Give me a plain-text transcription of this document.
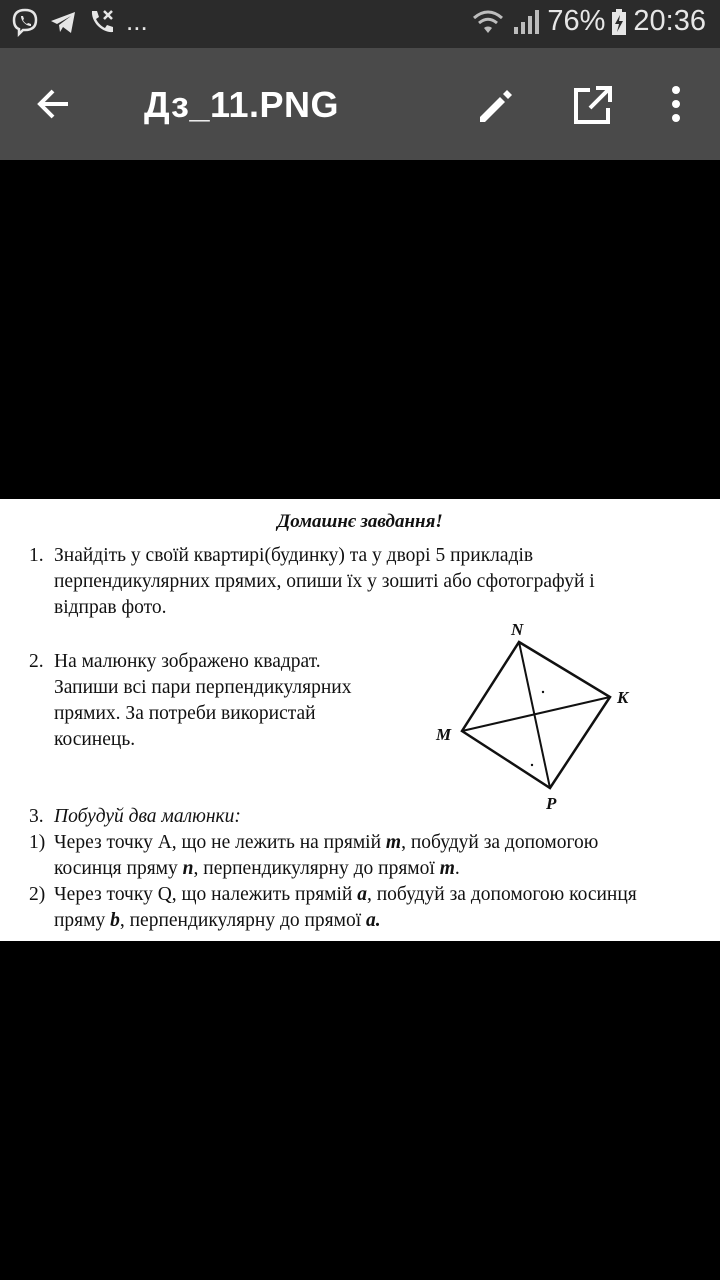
...	76% 20:36
Дз_11.PNG
Домашнє завдання!
1. Знайдіть у своїй квартирі(будинку) та у дворі 5 прикладів
перпендикулярних прямих, опиши їх у зошиті або сфотографуй і
відправ фото.
2. На малюнку зображено квадрат.
Запиши всі пари перпендикулярних
прямих. За потреби використай
косинець.
N
K
M
P
3. Побудуй два малюнки:
1) Через точку А, що не лежить на прямій m, побудуй за допомогою
косинця пряму n, перпендикулярну до прямої m.
2) Через точку Q, що належить прямій a, побудуй за допомогою косинця
пряму b, перпендикулярну до прямої a.
